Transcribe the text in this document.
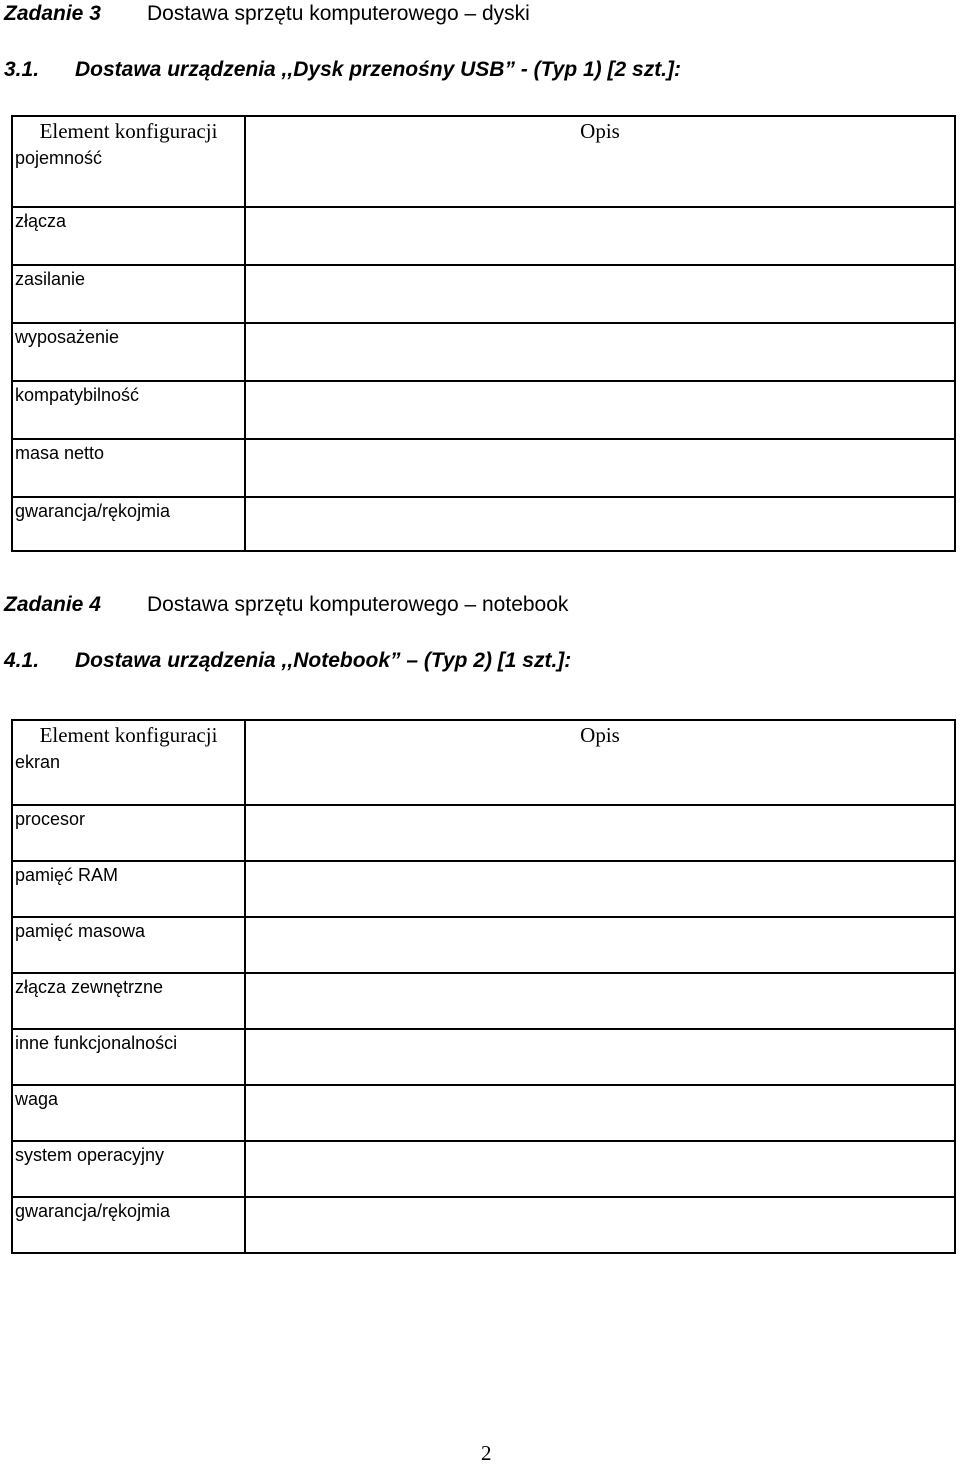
Zadanie 3 Dostawa sprzętu komputerowego – dyski
3.1. Dostawa urządzenia ,,Dysk przenośny USB” - (Typ 1) [2 szt.]:
Element konfiguracji	Opis
pojemność	
złącza	
zasilanie	
wyposażenie	
kompatybilność	
masa netto	
gwarancja/rękojmia	
Zadanie 4 Dostawa sprzętu komputerowego – notebook
4.1. Dostawa urządzenia ,,Notebook” – (Typ 2) [1 szt.]:
Element konfiguracji	Opis
ekran	
procesor	
pamięć RAM	
pamięć masowa	
złącza zewnętrzne	
inne funkcjonalności	
waga	
system operacyjny	
gwarancja/rękojmia	
2
